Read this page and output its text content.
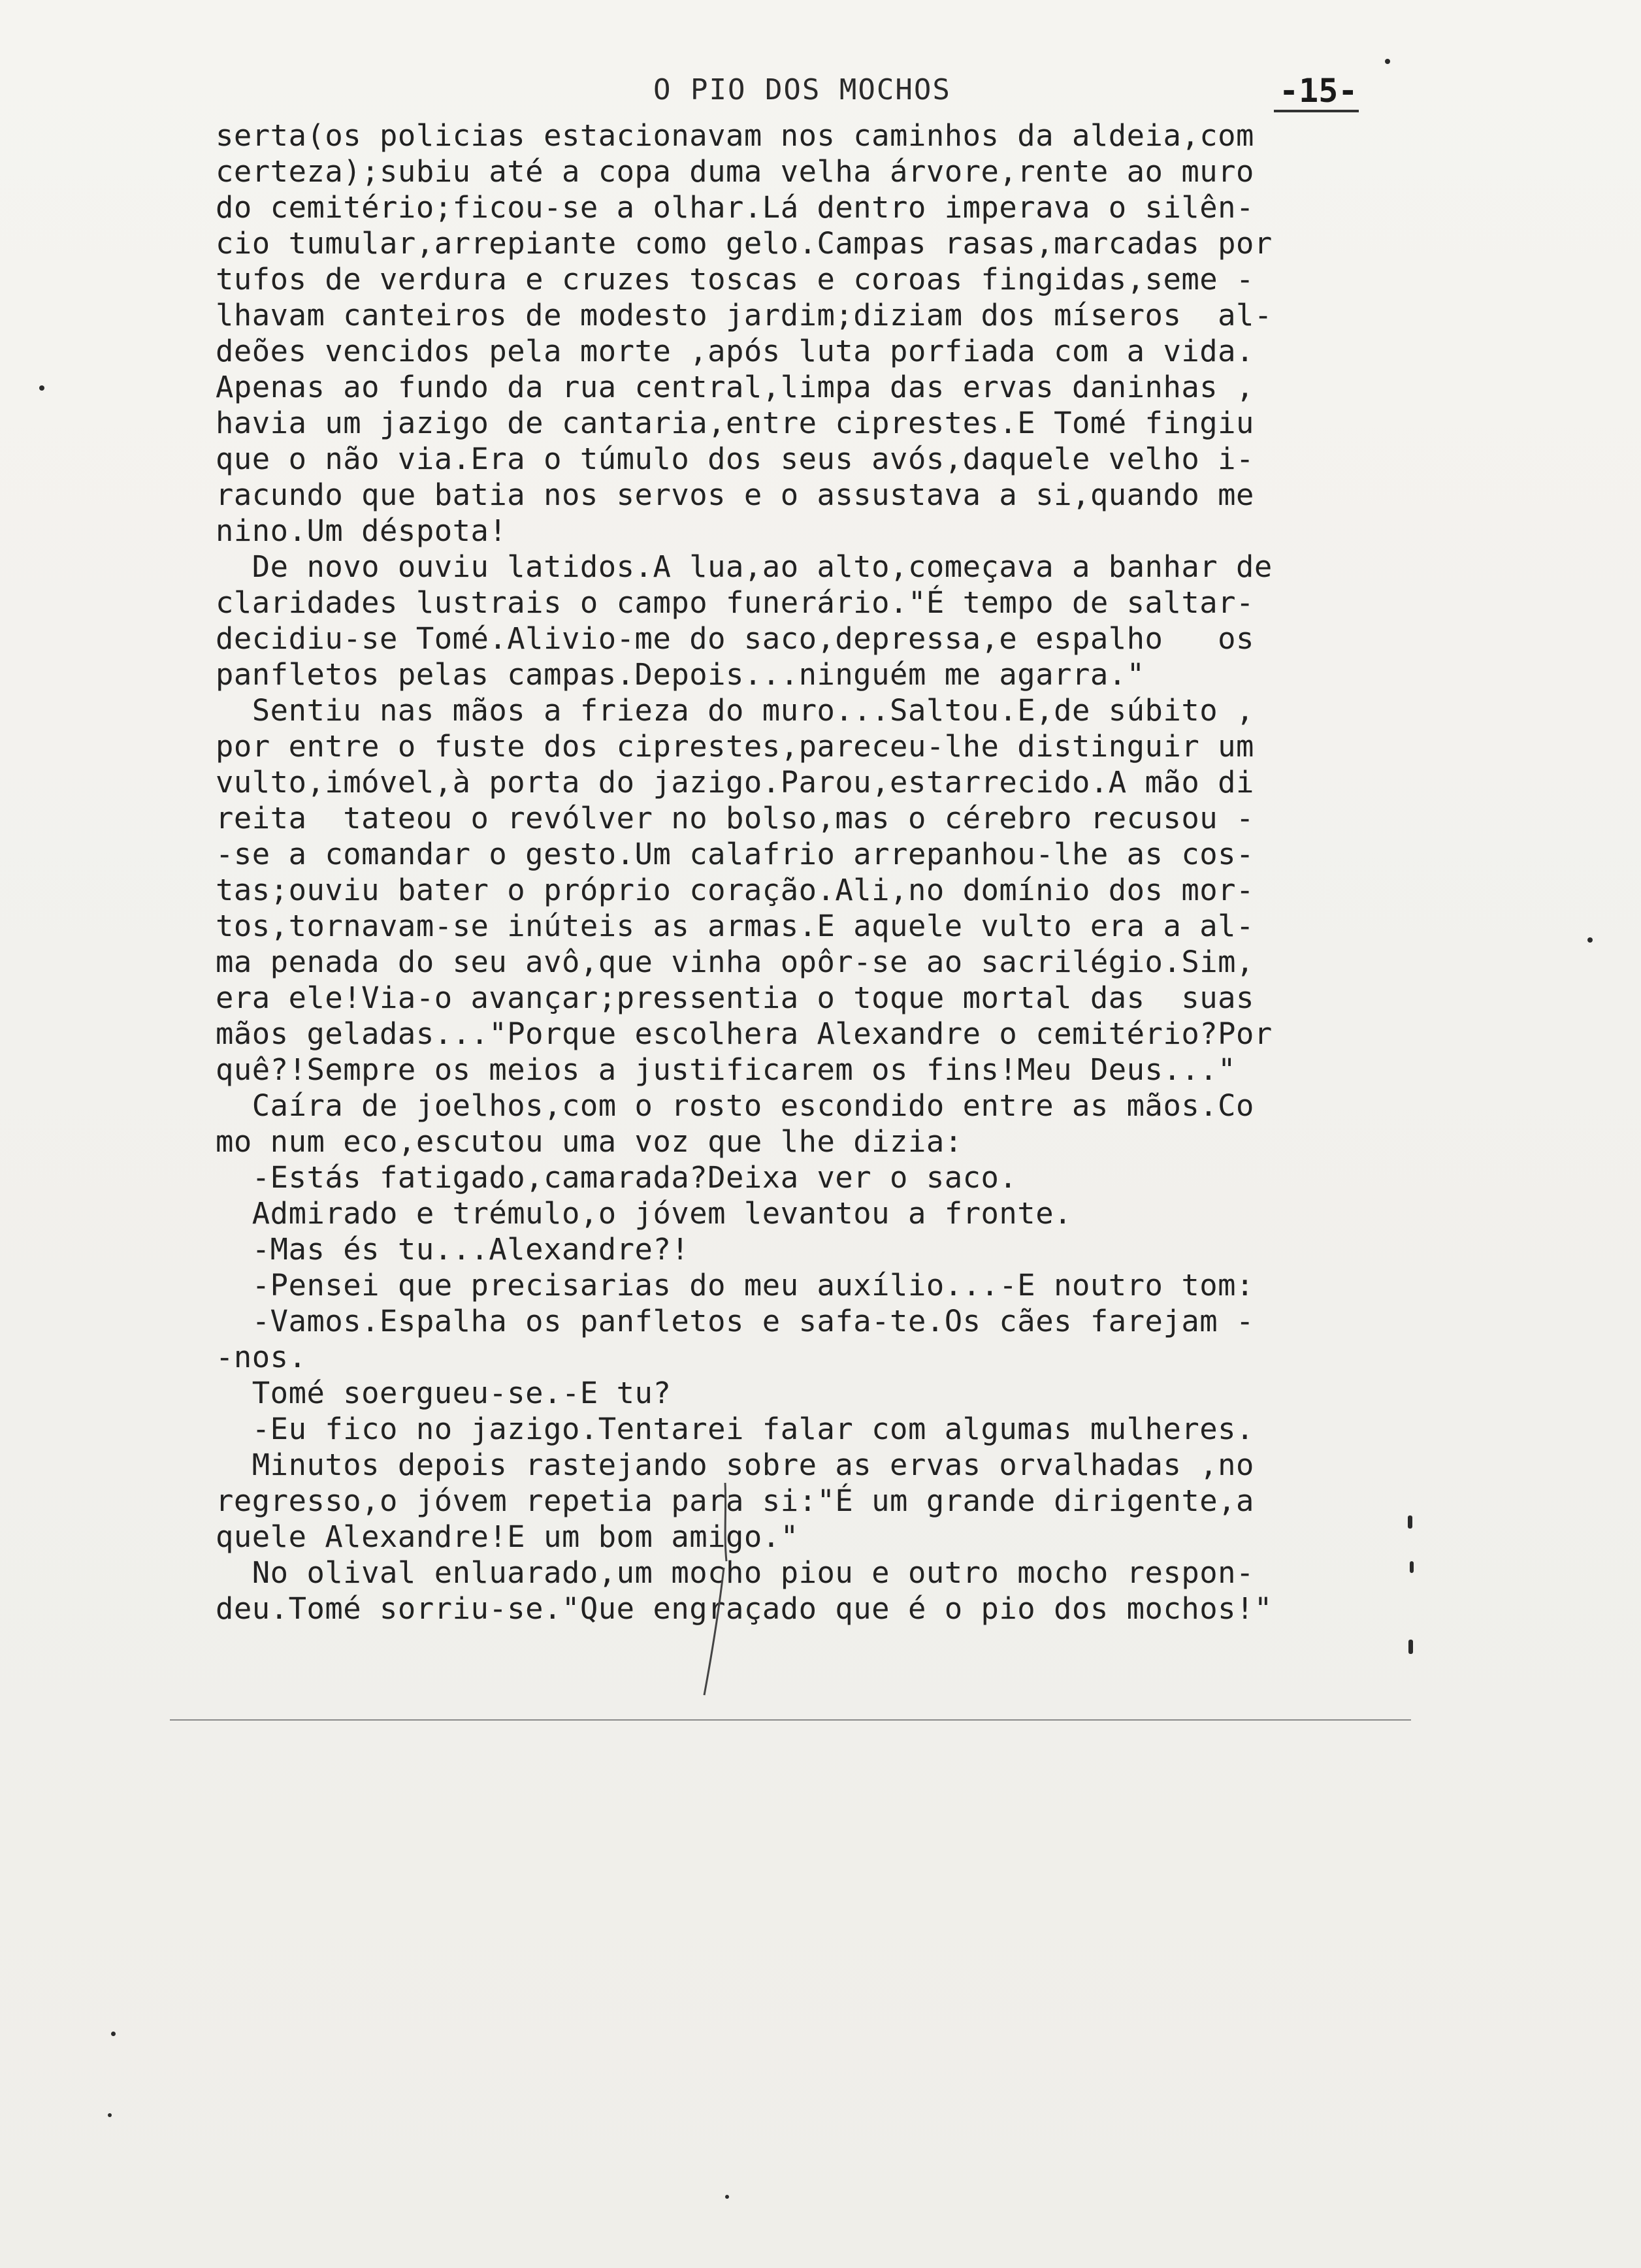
O PIO DOS MOCHOS	-15-
serta(os policias estacionavam nos caminhos da aldeia,com
certeza);subiu até a copa duma velha árvore,rente ao muro
do cemitério;ficou-se a olhar.Lá dentro imperava o silên-
cio tumular,arrepiante como gelo.Campas rasas,marcadas por
tufos de verdura e cruzes toscas e coroas fingidas,seme -
lhavam canteiros de modesto jardim;diziam dos míseros  al-
deões vencidos pela morte ,após luta porfiada com a vida.
Apenas ao fundo da rua central,limpa das ervas daninhas ,
havia um jazigo de cantaria,entre ciprestes.E Tomé fingiu
que o não via.Era o túmulo dos seus avós,daquele velho i-
racundo que batia nos servos e o assustava a si,quando me
nino.Um déspota!
De novo ouviu latidos.A lua,ao alto,começava a banhar de
claridades lustrais o campo funerário."É tempo de saltar-
decidiu-se Tomé.Alivio-me do saco,depressa,e espalho   os
panfletos pelas campas.Depois...ninguém me agarra."
Sentiu nas mãos a frieza do muro...Saltou.E,de súbito ,
por entre o fuste dos ciprestes,pareceu-lhe distinguir um
vulto,imóvel,à porta do jazigo.Parou,estarrecido.A mão di
reita  tateou o revólver no bolso,mas o cérebro recusou -
-se a comandar o gesto.Um calafrio arrepanhou-lhe as cos-
tas;ouviu bater o próprio coração.Ali,no domínio dos mor-
tos,tornavam-se inúteis as armas.E aquele vulto era a al-
ma penada do seu avô,que vinha opôr-se ao sacrilégio.Sim,
era ele!Via-o avançar;pressentia o toque mortal das  suas
mãos geladas..."Porque escolhera Alexandre o cemitério?Por
quê?!Sempre os meios a justificarem os fins!Meu Deus..."
Caíra de joelhos,com o rosto escondido entre as mãos.Co
mo num eco,escutou uma voz que lhe dizia:
-Estás fatigado,camarada?Deixa ver o saco.
Admirado e trémulo,o jóvem levantou a fronte.
-Mas és tu...Alexandre?!
-Pensei que precisarias do meu auxílio...-E noutro tom:
-Vamos.Espalha os panfletos e safa-te.Os cães farejam -
-nos.
Tomé soergueu-se.-E tu?
-Eu fico no jazigo.Tentarei falar com algumas mulheres.
Minutos depois rastejando sobre as ervas orvalhadas ,no
regresso,o jóvem repetia para si:"É um grande dirigente,a
quele Alexandre!E um bom amigo."
No olival enluarado,um mocho piou e outro mocho respon-
deu.Tomé sorriu-se."Que engraçado que é o pio dos mochos!"
